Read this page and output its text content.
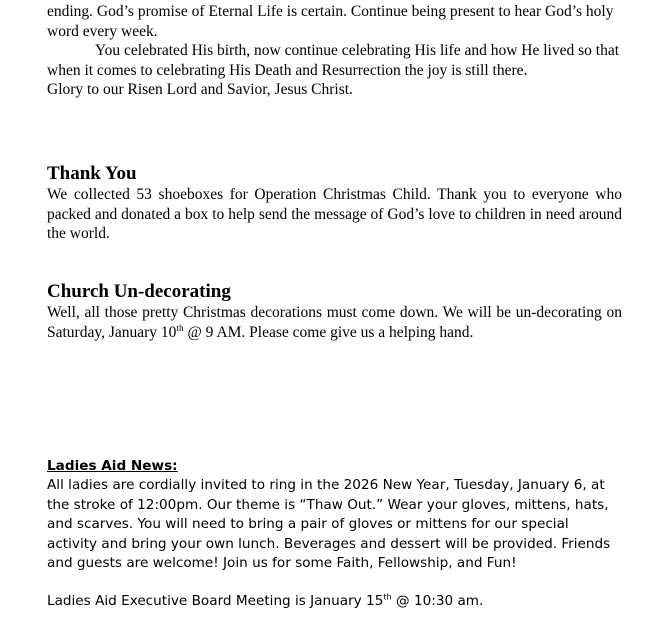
ending. God’s promise of Eternal Life is certain. Continue being present to hear God’s holy word every week.

You celebrated His birth, now continue celebrating His life and how He lived so that when it comes to celebrating His Death and Resurrection the joy is still there.Glory to our Risen Lord and Savior, Jesus Christ.

Thank You

We collected 53 shoeboxes for Operation Christmas Child. Thank you to everyone who packed and donated a box to help send the message of God’s love to children in need around the world.

Church Un-decorating

Well, all those pretty Christmas decorations must come down. We will be un-decorating on Saturday, January 10th @ 9 AM. Please come give us a helping hand.

Ladies Aid News:

All ladies are cordially invited to ring in the 2026 New Year, Tuesday, January 6, at the stroke of 12:00pm. Our theme is “Thaw Out.” Wear your gloves, mittens, hats, and scarves. You will need to bring a pair of gloves or mittens for our special activity and bring your own lunch. Beverages and dessert will be provided. Friends and guests are welcome! Join us for some Faith, Fellowship, and Fun!

Ladies Aid Executive Board Meeting is January 15th @ 10:30 am.
